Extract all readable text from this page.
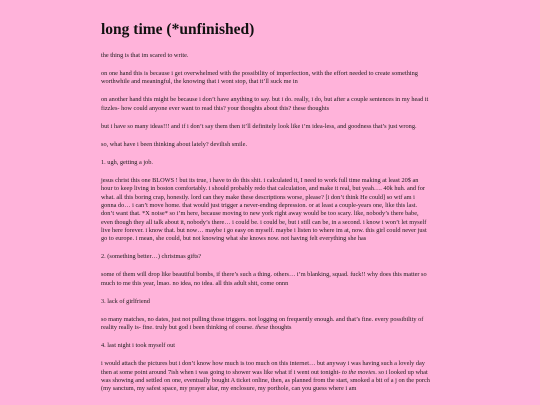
long time (*unfinished)

the thing is that im scared to write.

on one hand this is because i get overwhelmed with the possibility of imperfection, with the effort needed to create something worthwhile and meaningful, the knowing that i wont stop, that it’ll suck me in

on another hand this might be because i don’t have anything to say. but i do. really, i do, but after a couple sentences in my head it fizzles- how could anyone ever want to read this? your thoughts about this? these thoughts

but i have so many ideas!!! and if i don’t say them then it’ll definitely look like i’m idea-less, and goodness that’s just wrong.

so, what have i been thinking about lately? devilish smile.

1. ugh, getting a job.

jesus christ this one BLOWS ! but its true, i have to do this shit. i calculated it, I need to work full time making at least 20$ an hour to keep living in boston comfortably. i should probably redo that calculation, and make it real, but yeah…. 40k huh. and for what. all this boring crap, honestly. lord can they make these descriptions worse, please? [i don’t think He could] so wtf am i gonna do… i can’t move home. that would just trigger a never-ending depression. or at least a couple-years one, like this last. don’t want that. *X noise* so i’m here, because moving to new york right away would be too scary. like, nobody’s there babe, even though they all talk about it, nobody’s there… i could be. i could be, but i still can be, in a second. i know i won’t let myself live here forever. i know that. but now… maybe i go easy on myself. maybe i listen to where im at, now. this girl could never just go to europe. i mean, she could, but not knowing what she knows now. not having felt everything she has

2. (something better…) christmas gifts?

some of them will drop like beautiful bombs, if there’s such a thing. others… i’m blanking, squad. fuck!! why does this matter so much to me this year, lmao. no idea, no idea. all this adult shit, come onnn

3. lack of girlfriend

so many matches, no dates, just not pulling those triggers. not logging on frequently enough. and that’s fine. every possibility of reality really is- fine. truly but god i been thinking of course. these thoughts

4. last night i took myself out

i would attach the pictures but i don’t know how much is too much on this internet… but anyway i was having such a lovely day then at some point around 7ish when i was going to shower was like what if i went out tonight- to the movies. so i looked up what was showing and settled on one, eventually bought A ticket online, then, as planned from the start, smoked a bit of a j on the porch (my sanctum, my safest space, my prayer altar, my enclosure, my porthole, can you guess where i am
